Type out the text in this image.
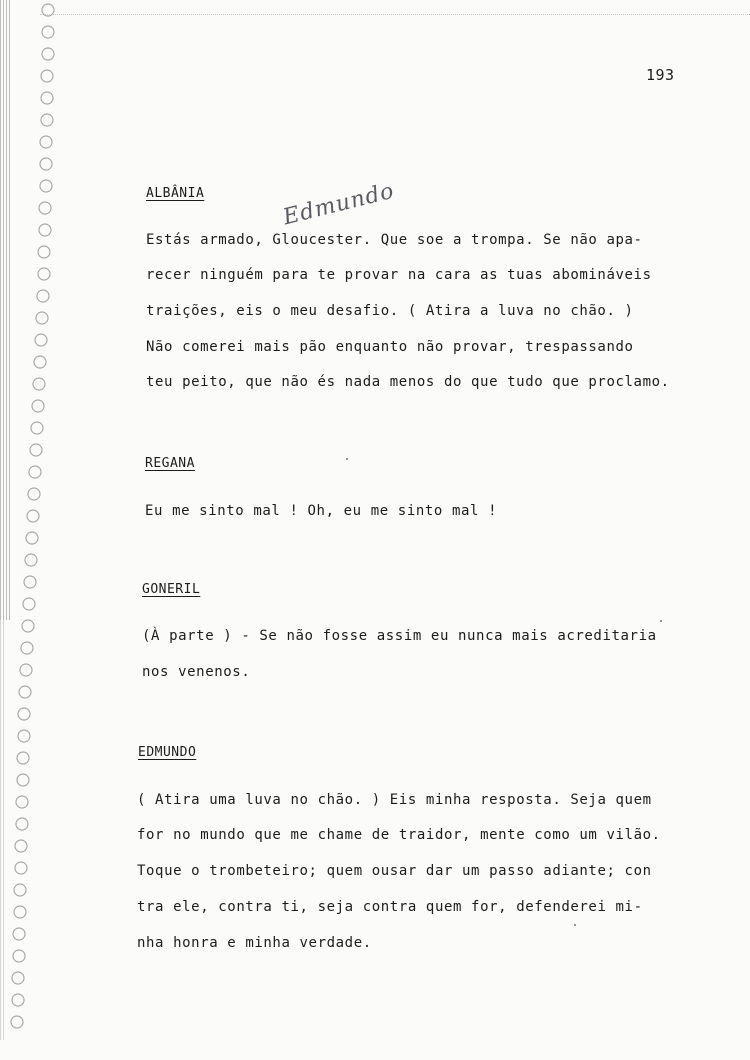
193
Edmundo
ALBÂNIA
Estás armado, Gloucester. Que soe a trompa. Se não apa-
recer ninguém para te provar na cara as tuas abomináveis
traições, eis o meu desafio. ( Atira a luva no chão. )
Não comerei mais pão enquanto não provar, trespassando
teu peito, que não és nada menos do que tudo que proclamo.
REGANA
Eu me sinto mal ! Oh, eu me sinto mal !
GONERIL
(À parte ) - Se não fosse assim eu nunca mais acreditaria
nos venenos.
EDMUNDO
( Atira uma luva no chão. ) Eis minha resposta. Seja quem
for no mundo que me chame de traidor, mente como um vilão.
Toque o trombeteiro; quem ousar dar um passo adiante; con
tra ele, contra ti, seja contra quem for, defenderei mi-
nha honra e minha verdade.
